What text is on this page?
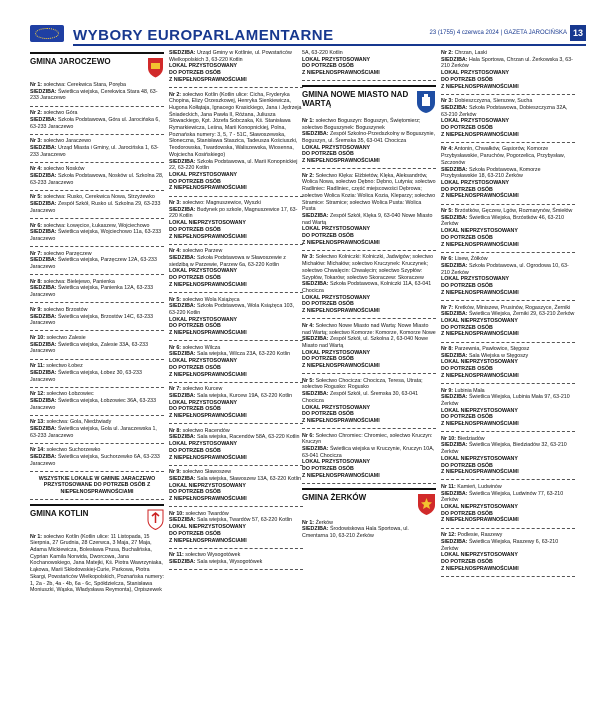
WYBORY EUROPARLAMENTARNE	23 (1755) 4 czerwca 2024 | GAZETA JAROCIŃSKA 13
GMINA JAROCZEWO

Nr 1: sołectwa: Cerekwica Stara, Poręba

SIEDZIBA: Świetlica wiejska, Cerekwica Stara 48, 63-233 Jaraczewo

Nr 2: sołectwo Góra

SIEDZIBA: Szkoła Podstawowa, Góra ul. Jarocińska 6, 63-233 Jaraczewo

Nr 3: sołectwo Jaraczewo

SIEDZIBA: Urząd Miasta i Gminy, ul. Jarocińska 1, 63-233 Jaraczewo

Nr 4: sołectwo Nosków

SIEDZIBA: Szkoła Podstawowa, Nosków ul. Szkolna 28, 63-233 Jaraczewo

Nr 5: sołectwa: Rusko, Cerekwica Nowa, Strzyżewko

SIEDZIBA: Zespół Szkół, Rusko ul. Szkolna 29, 63-233 Jaraczewo

Nr 6: sołectwa: Łowęcice, Łukaszew, Wojciechowo

SIEDZIBA: Świetlica wiejska, Wojciechowo 11a, 63-233 Jaraczewo

Nr 7: sołectwo Parzęczew

SIEDZIBA: Świetlica wiejska, Parzęczew 12A, 63-233 Jaraczewo

Nr 8: sołectwa: Bielejewo, Panienka

SIEDZIBA: Świetlica wiejska, Panienka 12A, 63-233 Jaraczewo

Nr 9: sołectwo Brzostów

SIEDZIBA: Świetlica wiejska, Brzostów 14C, 63-233 Jaraczewo

Nr 10: sołectwo Zalesie

SIEDZIBA: Świetlica wiejska, Zalesie 33A, 63-233 Jaraczewo

Nr 11: sołectwo Łobez

SIEDZIBA: Świetlica wiejska, Łobez 30, 63-233 Jaraczewo

Nr 12: sołectwo Łobzowiec

SIEDZIBA: Świetlica wiejska, Łobzowiec 36A, 63-233 Jaraczewo

Nr 13: sołectwa: Gola, Niedźwiady

SIEDZIBA: Świetlica wiejska, Gola ul. Jaraczewska 1, 63-233 Jaraczewo

Nr 14: sołectwo Suchorzewko

SIEDZIBA: Świetlica wiejska, Suchorzewko 6A, 63-233 Jaraczewo

WSZYSTKIE LOKALE W GMINIE JARACZEWO PRZYSTOSOWANE DO POTRZEB OSÓB Z NIEPEŁNOSPRAWNOŚCIAMI

GMINA KOTLIN

Nr 1: sołectwo Kotlin (Kotlin ulice: 11 Listopada, 15 Sierpnia, 27 Grudnia, 28 Czerwca, 3 Maja, 27 Maja, Adama Mickiewicza, Bolesława Prusa, Buchalińska, Cyprian Kamila Norwida, Dworcowa, Jana Kochanowskiego, Jana Matejki, Kś. Piotra Wawrzyniaka, Łąkowa, Marii Skłodowskiej-Curie, Parkowa, Piotra Skargi, Powstańców Wielkopolskich, Poznańska numery: 1, 2a - 2b, 4a - 4b, 6a - 6c, Spółdzielcza, Stanisława Moniuszki, Wąska, Władysława Reymonta), Orpiszewek

SIEDZIBA: Urząd Gminy w Kotlinie, ul. Powstańców Wielkopolskich 3, 63-220 Kotlin

LOKAL PRZYSTOSOWANY

DO POTRZEB OSÓB

Z NIEPEŁNOSPRAWNOŚCIAMI

Nr 2: sołectwo Kotlin (Kotlin ulice: Cicha, Fryderyka Chopina, Elizy Orzeszkowej, Henryka Sienkiewicza, Hugona Kołłątaja, Ignacego Krasickiego, Jana i Jędrzeja Śniadeckich, Jana Pawła II, Różana, Juliusza Słowackiego, Kpt. Józefa Sobczaka, Kś. Stanisława Rymarkiewicza, Leśna, Marii Konopnickiej, Polna, Poznańska numery: 3, 5, 7 - 51C, Sławoszewska, Słoneczna, Stanisława Staszica, Tadeusza Kościuszki, Teodorowska, Twardowska, Waliszewska, Wiosenna, Wojciecha Kosińskiego)

SIEDZIBA: Szkoła Podstawowa, ul. Marii Konopnickiej 22, 63-220 Kotlin

LOKAL PRZYSTOSOWANY

DO POTRZEB OSÓB

Z NIEPEŁNOSPRAWNOŚCIAMI

Nr 3: sołectwo: Magnuszewice, Wyszki

SIEDZIBA: Budynek po szkole, Magnuszewice 17, 63-220 Kotlin

LOKAL NIEPRZYSTOSOWANY

DO POTRZEB OSÓB

Z NIEPEŁNOSPRAWNOŚCIAMI

Nr 4: sołectwo Parzew

SIEDZIBA: Szkoła Podstawowa w Sławoszewie z siedzibą w Parzewie, Parzew 6a, 63-220 Kotlin

LOKAL PRZYSTOSOWANY

DO POTRZEB OSÓB

Z NIEPEŁNOSPRAWNOŚCIAMI

Nr 5: sołectwo Wola Książęca

SIEDZIBA: Szkoła Podstawowa, Wola Książęca 103, 63-220 Kotlin

LOKAL PRZYSTOSOWANY

DO POTRZEB OSÓB

Z NIEPEŁNOSPRAWNOŚCIAMI

Nr 6: sołectwo Wilcza

SIEDZIBA: Sala wiejska, Wilcza 23A, 63-220 Kotlin

LOKAL PRZYSTOSOWANY

DO POTRZEB OSÓB

Z NIEPEŁNOSPRAWNOŚCIAMI

Nr 7: sołectwo Kurcew

SIEDZIBA: Sala wiejska, Kurcew 19A, 63-220 Kotlin

LOKAL PRZYSTOSOWANY

DO POTRZEB OSÓB

Z NIEPEŁNOSPRAWNOŚCIAMI

Nr 8: sołectwo Racendów

SIEDZIBA: Sala wiejska, Racendów 58A, 63-220 Kotlin

LOKAL PRZYSTOSOWANY

DO POTRZEB OSÓB

Z NIEPEŁNOSPRAWNOŚCIAMI

Nr 9: sołectwo Sławoszew

SIEDZIBA: Sala wiejska, Sławoszew 13A, 63-220 Kotlin

LOKAL NIEPRZYSTOSOWANY

DO POTRZEB OSÓB

Z NIEPEŁNOSPRAWNOŚCIAMI

Nr 10: sołectwo Twardów

SIEDZIBA: Sala wiejska, Twardów 57, 63-220 Kotlin

LOKAL NIEPRZYSTOSOWANY

DO POTRZEB OSÓB

Z NIEPEŁNOSPRAWNOŚCIAMI

Nr 11: sołectwo Wysogotówek

SIEDZIBA: Sala wiejska, Wysogotówek

5A, 63-220 Kotlin

LOKAL PRZYSTOSOWANY

DO POTRZEB OSÓB

Z NIEPEŁNOSPRAWNOŚCIAMI

GMINA NOWE MIASTO NAD WARTĄ

Nr 1: sołectwo Boguszyn: Boguszyn, Świętomierz; sołectwo Boguszynek: Boguszynek

SIEDZIBA: Zespół Szkolno-Przedszkolny w Boguszynie, Boguszyn, ul. Śremska 35, 63-041 Chocicza

LOKAL PRZYSTOSOWANY

DO POTRZEB OSÓB

Z NIEPEŁNOSPRAWNOŚCIAMI

Nr 2: Sołectwo Klęka: Elżbietów, Klęka, Aleksandrów, Wolica Nowa, sołectwo Dębno: Dębno, Lutynia; sołectwo Radliniec: Radliniec, część miejscowości Dębrowa; sołectwo Wolica Kozia: Wolica Kozia, Kleparzy; sołectwo Stramice: Stramice; sołectwo Wolica Pusta: Wolica Pusta

SIEDZIBA: Zespół Szkół, Klęka 9, 63-040 Nowe Miasto nad Wartą

LOKAL PRZYSTOSOWANY

DO POTRZEB OSÓB

Z NIEPEŁNOSPRAWNOŚCIAMI

Nr 3: Sołectwo Kolniczki: Kolniczki, Jadwigów; sołectwo Michałów: Michałów; sołectwo Kruczynek: Kruczynek; sołectwo Chwalęcin: Chwalęcin; sołectwo Szypłów: Szypłów, Tokarów; sołectwo Skoraczew: Skoraczew

SIEDZIBA: Szkoła Podstawowa, Kolniczki 11A, 63-041 Chocicza

LOKAL PRZYSTOSOWANY

DO POTRZEB OSÓB

Z NIEPEŁNOSPRAWNOŚCIAMI

Nr 4: Sołectwo Nowe Miasto nad Wartą: Nowe Miasto nad Wartą; sołectwo Komorze: Komorze, Komorze Nowe

SIEDZIBA: Zespół Szkół, ul. Szkolna 2, 63-040 Nowe Miasto nad Wartą

LOKAL PRZYSTOSOWANY

DO POTRZEB OSÓB

Z NIEPEŁNOSPRAWNOŚCIAMI

Nr 5: Sołectwo Chocicza: Chocicza, Teresa, Utrata; sołectwo Rogusko: Rogusko

SIEDZIBA: Zespół Szkół, ul. Śremska 30, 63-041 Chocicza

LOKAL PRZYSTOSOWANY

DO POTRZEB OSÓB

Z NIEPEŁNOSPRAWNOŚCIAMI

Nr 6: Sołectwo Chromiec: Chromiec, sołectwo Kruczyn: Kruczyn

SIEDZIBA: Świetlica wiejska w Kruczynie, Kruczyn 10A, 63-041 Chocicza

LOKAL PRZYSTOSOWANY

DO POTRZEB OSÓB

Z NIEPEŁNOSPRAWNOŚCIAMI

GMINA ŻERKÓW

Nr 1: Żerków

SIEDZIBA: Środowiskowa Hala Sportowa, ul. Cmentarna 10, 63-210 Żerków

Nr 2: Chrzan, Laski

SIEDZIBA: Hala Sportowa, Chrzan ul. Żerkowska 3, 63-210 Żerków

LOKAL PRZYSTOSOWANY

DO POTRZEB OSÓB

Z NIEPEŁNOSPRAWNOŚCIAMI

Nr 3: Dobieszczyzna, Sierszew, Sucha

SIEDZIBA: Szkoła Podstawowa, Dobieszczyzna 32A, 63-210 Żerków

LOKAL PRZYSTOSOWANY

DO POTRZEB OSÓB

Z NIEPEŁNOSPRAWNOŚCIAMI

Nr 4: Antonin, Chwałków, Gąsiorów, Komorze Przybysławskie, Paruchów, Pogorzelica, Przybysław, Szczonów

SIEDZIBA: Szkoła Podstawowa, Komorze Przybysławskie 18, 63-210 Żerków

LOKAL PRZYSTOSOWANY

DO POTRZEB OSÓB

Z NIEPEŁNOSPRAWNOŚCIAMI

Nr 5: Brzóstków, Gęczew, Lgów, Rozmarynów, Śmiełów

SIEDZIBA: Świetlica Wiejska, Brzóstków 46, 63-210 Żerków

LOKAL NIEPRZYSTOSOWANY

DO POTRZEB OSÓB

Z NIEPEŁNOSPRAWNOŚCIAMI

Nr 6: Lisew, Żółków

SIEDZIBA: Szkoła Podstawowa, ul. Ogrodowa 10, 63-210 Żerków

LOKAL PRZYSTOSOWANY

DO POTRZEB OSÓB

Z NIEPEŁNOSPRAWNOŚCIAMI

Nr 7: Kretków, Miniszew, Prusinów, Rogaszyce, Żerniki

SIEDZIBA: Świetlica Wiejska, Żerniki 29, 63-210 Żerków

LOKAL NIEPRZYSTOSOWANY

DO POTRZEB OSÓB

Z NIEPEŁNOSPRAWNOŚCIAMI

Nr 8: Parzewnia, Pawłowice, Stęgosz

SIEDZIBA: Sala Wiejska w Stęgoszy

LOKAL NIEPRZYSTOSOWANY

DO POTRZEB OSÓB

Z NIEPEŁNOSPRAWNOŚCIAMI

Nr 9: Lubinia Mała

SIEDZIBA: Świetlica Wiejska, Lubinia Mała 97, 63-210 Żerków

LOKAL NIEPRZYSTOSOWANY

DO POTRZEB OSÓB

Z NIEPEŁNOSPRAWNOŚCIAMI

Nr 10: Biedziadów

SIEDZIBA: Świetlica Wiejska, Biedziadów 32, 63-210 Żerków

LOKAL NIEPRZYSTOSOWANY

DO POTRZEB OSÓB

Z NIEPEŁNOSPRAWNOŚCIAMI

Nr 11: Kamień, Ludwinów

SIEDZIBA: Świetlica Wiejska, Ludwinów 77, 63-210 Żerków

LOKAL NIEPRZYSTOSOWANY

DO POTRZEB OSÓB

Z NIEPEŁNOSPRAWNOŚCIAMI

Nr 12: Podlesie, Raszewy

SIEDZIBA: Świetlica Wiejska, Raszewy 6, 63-210 Żerków

LOKAL NIEPRZYSTOSOWANY

DO POTRZEB OSÓB

Z NIEPEŁNOSPRAWNOŚCIAMI
